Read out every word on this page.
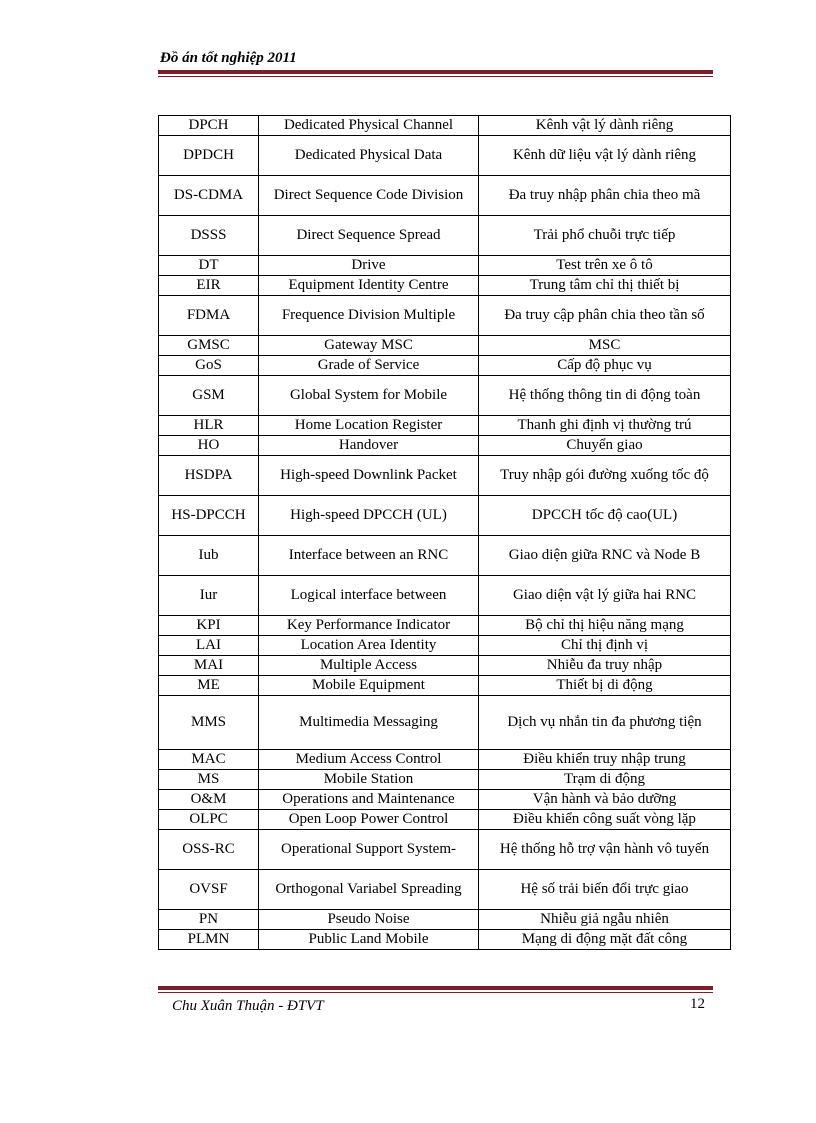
Đồ án tốt nghiệp 2011
DPCH	Dedicated Physical Channel	Kênh vật lý dành riêng
DPDCH	Dedicated Physical Data	Kênh dữ liệu vật lý dành riêng
DS-CDMA	Direct Sequence Code Division	Đa truy nhập phân chia theo mã
DSSS	Direct Sequence Spread	Trải phổ chuỗi trực tiếp
DT	Drive	Test trên xe ô tô
EIR	Equipment Identity Centre	Trung tâm chỉ thị thiết bị
FDMA	Frequence Division Multiple	Đa truy cập phân chia theo tần số
GMSC	Gateway MSC	MSC
GoS	Grade of Service	Cấp độ phục vụ
GSM	Global System for Mobile	Hệ thống thông tin di động toàn
HLR	Home Location Register	Thanh ghi định vị thường trú
HO	Handover	Chuyển giao
HSDPA	High-speed Downlink Packet	Truy nhập gói đường xuống tốc độ
HS-DPCCH	High-speed DPCCH (UL)	DPCCH tốc độ cao(UL)
Iub	Interface between an RNC	Giao diện giữa RNC và Node B
Iur	Logical interface between	Giao diện vật lý giữa hai RNC
KPI	Key Performance Indicator	Bộ chỉ thị hiệu năng mạng
LAI	Location Area Identity	Chỉ thị định vị
MAI	Multiple Access	Nhiễu đa truy nhập
ME	Mobile Equipment	Thiết bị di động
MMS	Multimedia Messaging	Dịch vụ nhắn tin đa phương tiện
MAC	Medium Access Control	Điều khiển truy nhập trung
MS	Mobile Station	Trạm di động
O&M	Operations and Maintenance	Vận hành và bảo dưỡng
OLPC	Open Loop Power Control	Điều khiển công suất vòng lặp
OSS-RC	Operational Support System-	Hệ thống hỗ trợ vận hành vô tuyến
OVSF	Orthogonal Variabel Spreading	Hệ số trải biến đổi trực giao
PN	Pseudo Noise	Nhiễu giả ngẫu nhiên
PLMN	Public Land Mobile	Mạng di động mặt đất công
Chu Xuân Thuận - ĐTVT	12
